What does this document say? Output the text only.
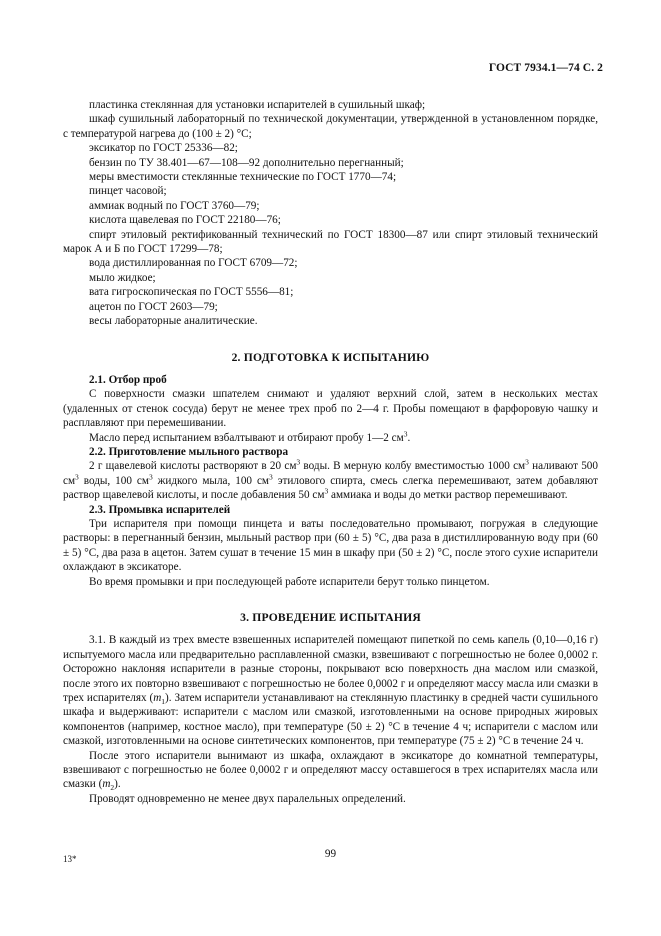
ГОСТ 7934.1—74 С. 2

пластинка стеклянная для установки испарителей в сушильный шкаф;

шкаф сушильный лабораторный по технической документации, утвержденной в установленном порядке, с температурой нагрева до (100 ± 2) °С;

эксикатор по ГОСТ 25336—82;

бензин по ТУ 38.401—67—108—92 дополнительно перегнанный;

меры вместимости стеклянные технические по ГОСТ 1770—74;

пинцет часовой;

аммиак водный по ГОСТ 3760—79;

кислота щавелевая по ГОСТ 22180—76;

спирт этиловый ректификованный технический по ГОСТ 18300—87 или спирт этиловый технический марок А и Б по ГОСТ 17299—78;

вода дистиллированная по ГОСТ 6709—72;

мыло жидкое;

вата гигроскопическая по ГОСТ 5556—81;

ацетон по ГОСТ 2603—79;

весы лабораторные аналитические.

2. ПОДГОТОВКА К ИСПЫТАНИЮ
2.1. Отбор проб

С поверхности смазки шпателем снимают и удаляют верхний слой, затем в нескольких местах (удаленных от стенок сосуда) берут не менее трех проб по 2—4 г. Пробы помещают в фарфоровую чашку и расплавляют при перемешивании.

Масло перед испытанием взбалтывают и отбирают пробу 1—2 $см^3$.

2.2. Приготовление мыльного раствора

2 г щавелевой кислоты растворяют в 20 $см^3$ воды. В мерную колбу вместимостью 1000 $см^3$ наливают 500 $см^3$ воды, 100 $см^3$ жидкого мыла, 100 $см^3$ этилового спирта, смесь слегка перемешивают, затем добавляют раствор щавелевой кислоты, и после добавления 50 $см^3$ аммиака и воды до метки раствор перемешивают.

2.3. Промывка испарителей

Три испарителя при помощи пинцета и ваты последовательно промывают, погружая в следующие растворы: в перегнанный бензин, мыльный раствор при (60 ± 5) °С, два раза в дистиллированную воду при (60 ± 5) °С, два раза в ацетон. Затем сушат в течение 15 мин в шкафу при (50 ± 2) °С, после этого сухие испарители охлаждают в эксикаторе.

Во время промывки и при последующей работе испарители берут только пинцетом.

3. ПРОВЕДЕНИЕ ИСПЫТАНИЯ

3.1. В каждый из трех вместе взвешенных испарителей помещают пипеткой по семь капель (0,10—0,16 г) испытуемого масла или предварительно расплавленной смазки, взвешивают с погрешностью не более 0,0002 г. Осторожно наклоняя испарители в разные стороны, покрывают всю поверхность дна маслом или смазкой, после этого их повторно взвешивают с погрешностью не более 0,0002 г и определяют массу масла или смазки в трех испарителях $(m_1)$. Затем испарители устанавливают на стеклянную пластинку в средней части сушильного шкафа и выдерживают: испарители с маслом или смазкой, изготовленными на основе природных жировых компонентов (например, костное масло), при температуре (50 ± 2) °С в течение 4 ч; испарители с маслом или смазкой, изготовленными на основе синтетических компонентов, при температуре (75 ± 2) °С в течение 24 ч.

После этого испарители вынимают из шкафа, охлаждают в эксикаторе до комнатной температуры, взвешивают с погрешностью не более 0,0002 г и определяют массу оставшегося в трех испарителях масла или смазки $(m_2)$.

Проводят одновременно не менее двух паралельных определений.

13*	99
